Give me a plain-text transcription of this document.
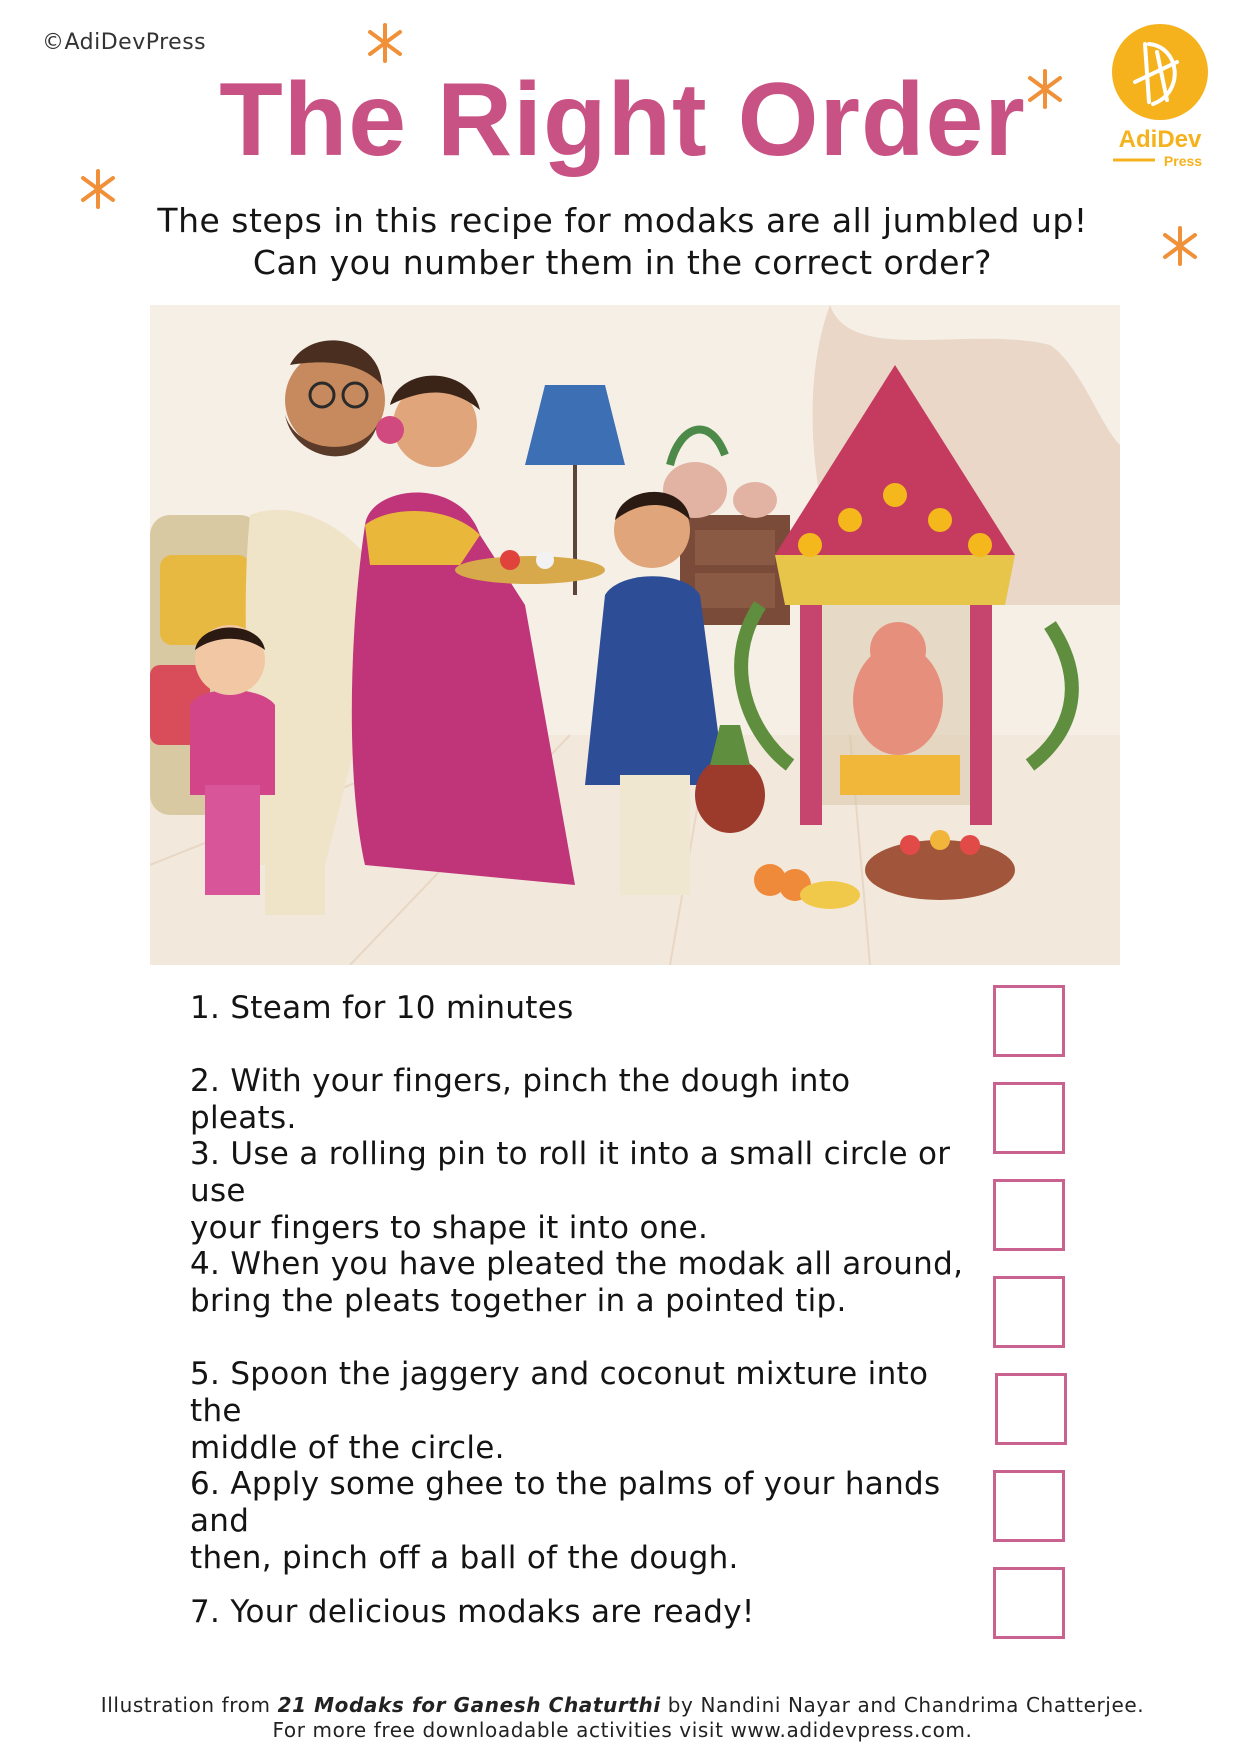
©AdiDevPress
The Right Order	AdiDev
Press
The steps in this recipe for modaks are all jumbled up!
Can you number them in the correct order?
1. Steam for 10 minutes
2. With your fingers, pinch the dough into pleats.
3. Use a rolling pin to roll it into a small circle or use
your fingers to shape it into one.
4. When you have pleated the modak all around,
bring the pleats together in a pointed tip.
5. Spoon the jaggery and coconut mixture into the
middle of the circle.
6. Apply some ghee to the palms of your hands and
then, pinch off a ball of the dough.
7. Your delicious modaks are ready!
Illustration from 21 Modaks for Ganesh Chaturthi by Nandini Nayar and Chandrima Chatterjee.
For more free downloadable activities visit www.adidevpress.com.
